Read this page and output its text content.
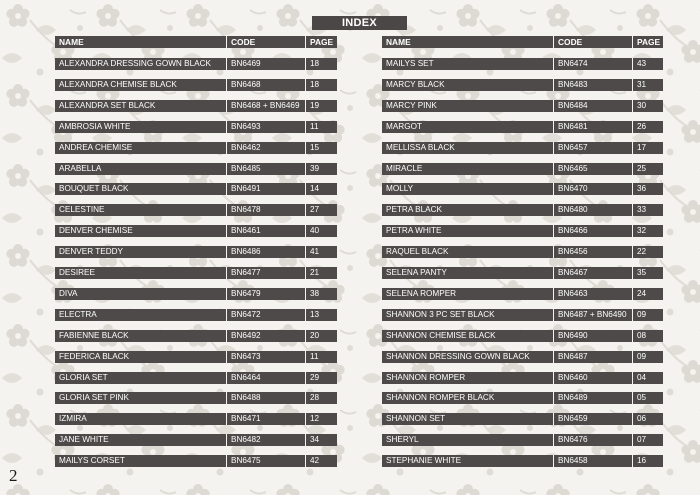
INDEX
NAME	CODE	PAGE
ALEXANDRA DRESSING GOWN BLACK	BN6469	18
ALEXANDRA CHEMISE BLACK	BN6468	18
ALEXANDRA SET BLACK	BN6468 + BN6469	19
AMBROSIA WHITE	BN6493	11
ANDREA CHEMISE	BN6462	15
ARABELLA	BN6485	39
BOUQUET BLACK	BN6491	14
CELESTINE	BN6478	27
DENVER CHEMISE	BN6461	40
DENVER TEDDY	BN6486	41
DESIREE	BN6477	21
DIVA	BN6479	38
ELECTRA	BN6472	13
FABIENNE BLACK	BN6492	20
FEDERICA BLACK	BN6473	11
GLORIA SET	BN6464	29
GLORIA SET PINK	BN6488	28
IZMIRA	BN6471	12
JANE WHITE	BN6482	34
MAILYS CORSET	BN6475	42
NAME	CODE	PAGE
MAILYS SET	BN6474	43
MARCY BLACK	BN6483	31
MARCY PINK	BN6484	30
MARGOT	BN6481	26
MELLISSA BLACK	BN6457	17
MIRACLE	BN6465	25
MOLLY	BN6470	36
PETRA BLACK	BN6480	33
PETRA WHITE	BN6466	32
RAQUEL BLACK	BN6456	22
SELENA PANTY	BN6467	35
SELENA ROMPER	BN6463	24
SHANNON 3 PC SET BLACK	BN6487 + BN6490	09
SHANNON CHEMISE BLACK	BN6490	08
SHANNON DRESSING GOWN BLACK	BN6487	09
SHANNON ROMPER	BN6460	04
SHANNON ROMPER BLACK	BN6489	05
SHANNON SET	BN6459	06
SHERYL	BN6476	07
STEPHANIE WHITE	BN6458	16
2
